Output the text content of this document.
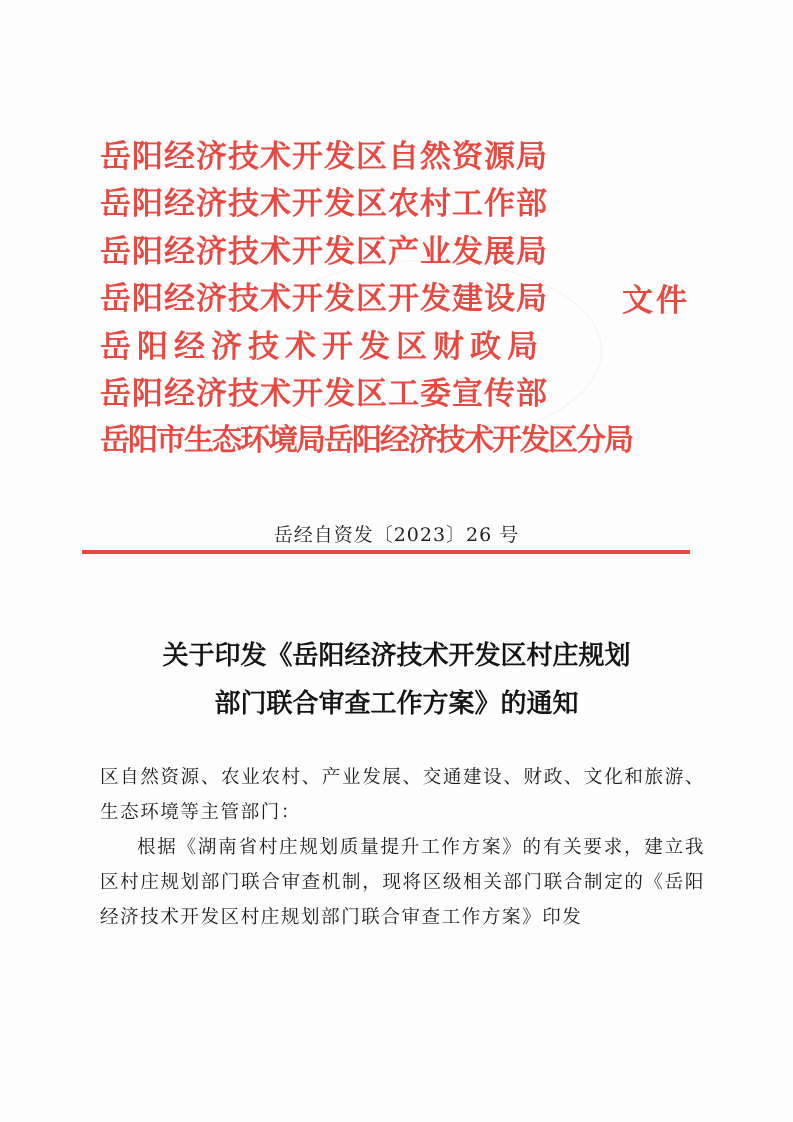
岳阳经济技术开发区自然资源局
岳阳经济技术开发区农村工作部
岳阳经济技术开发区产业发展局
岳阳经济技术开发区开发建设局
岳阳经济技术开发区财政局
岳阳经济技术开发区工委宣传部
岳阳市生态环境局岳阳经济技术开发区分局
文件
岳经自资发〔2023〕26 号
关于印发《岳阳经济技术开发区村庄规划
部门联合审查工作方案》的通知

区自然资源、农业农村、产业发展、交通建设、财政、文化和旅游、生态环境等主管部门：

根据《湖南省村庄规划质量提升工作方案》的有关要求，建立我区村庄规划部门联合审查机制，现将区级相关部门联合制定的《岳阳经济技术开发区村庄规划部门联合审查工作方案》印发
